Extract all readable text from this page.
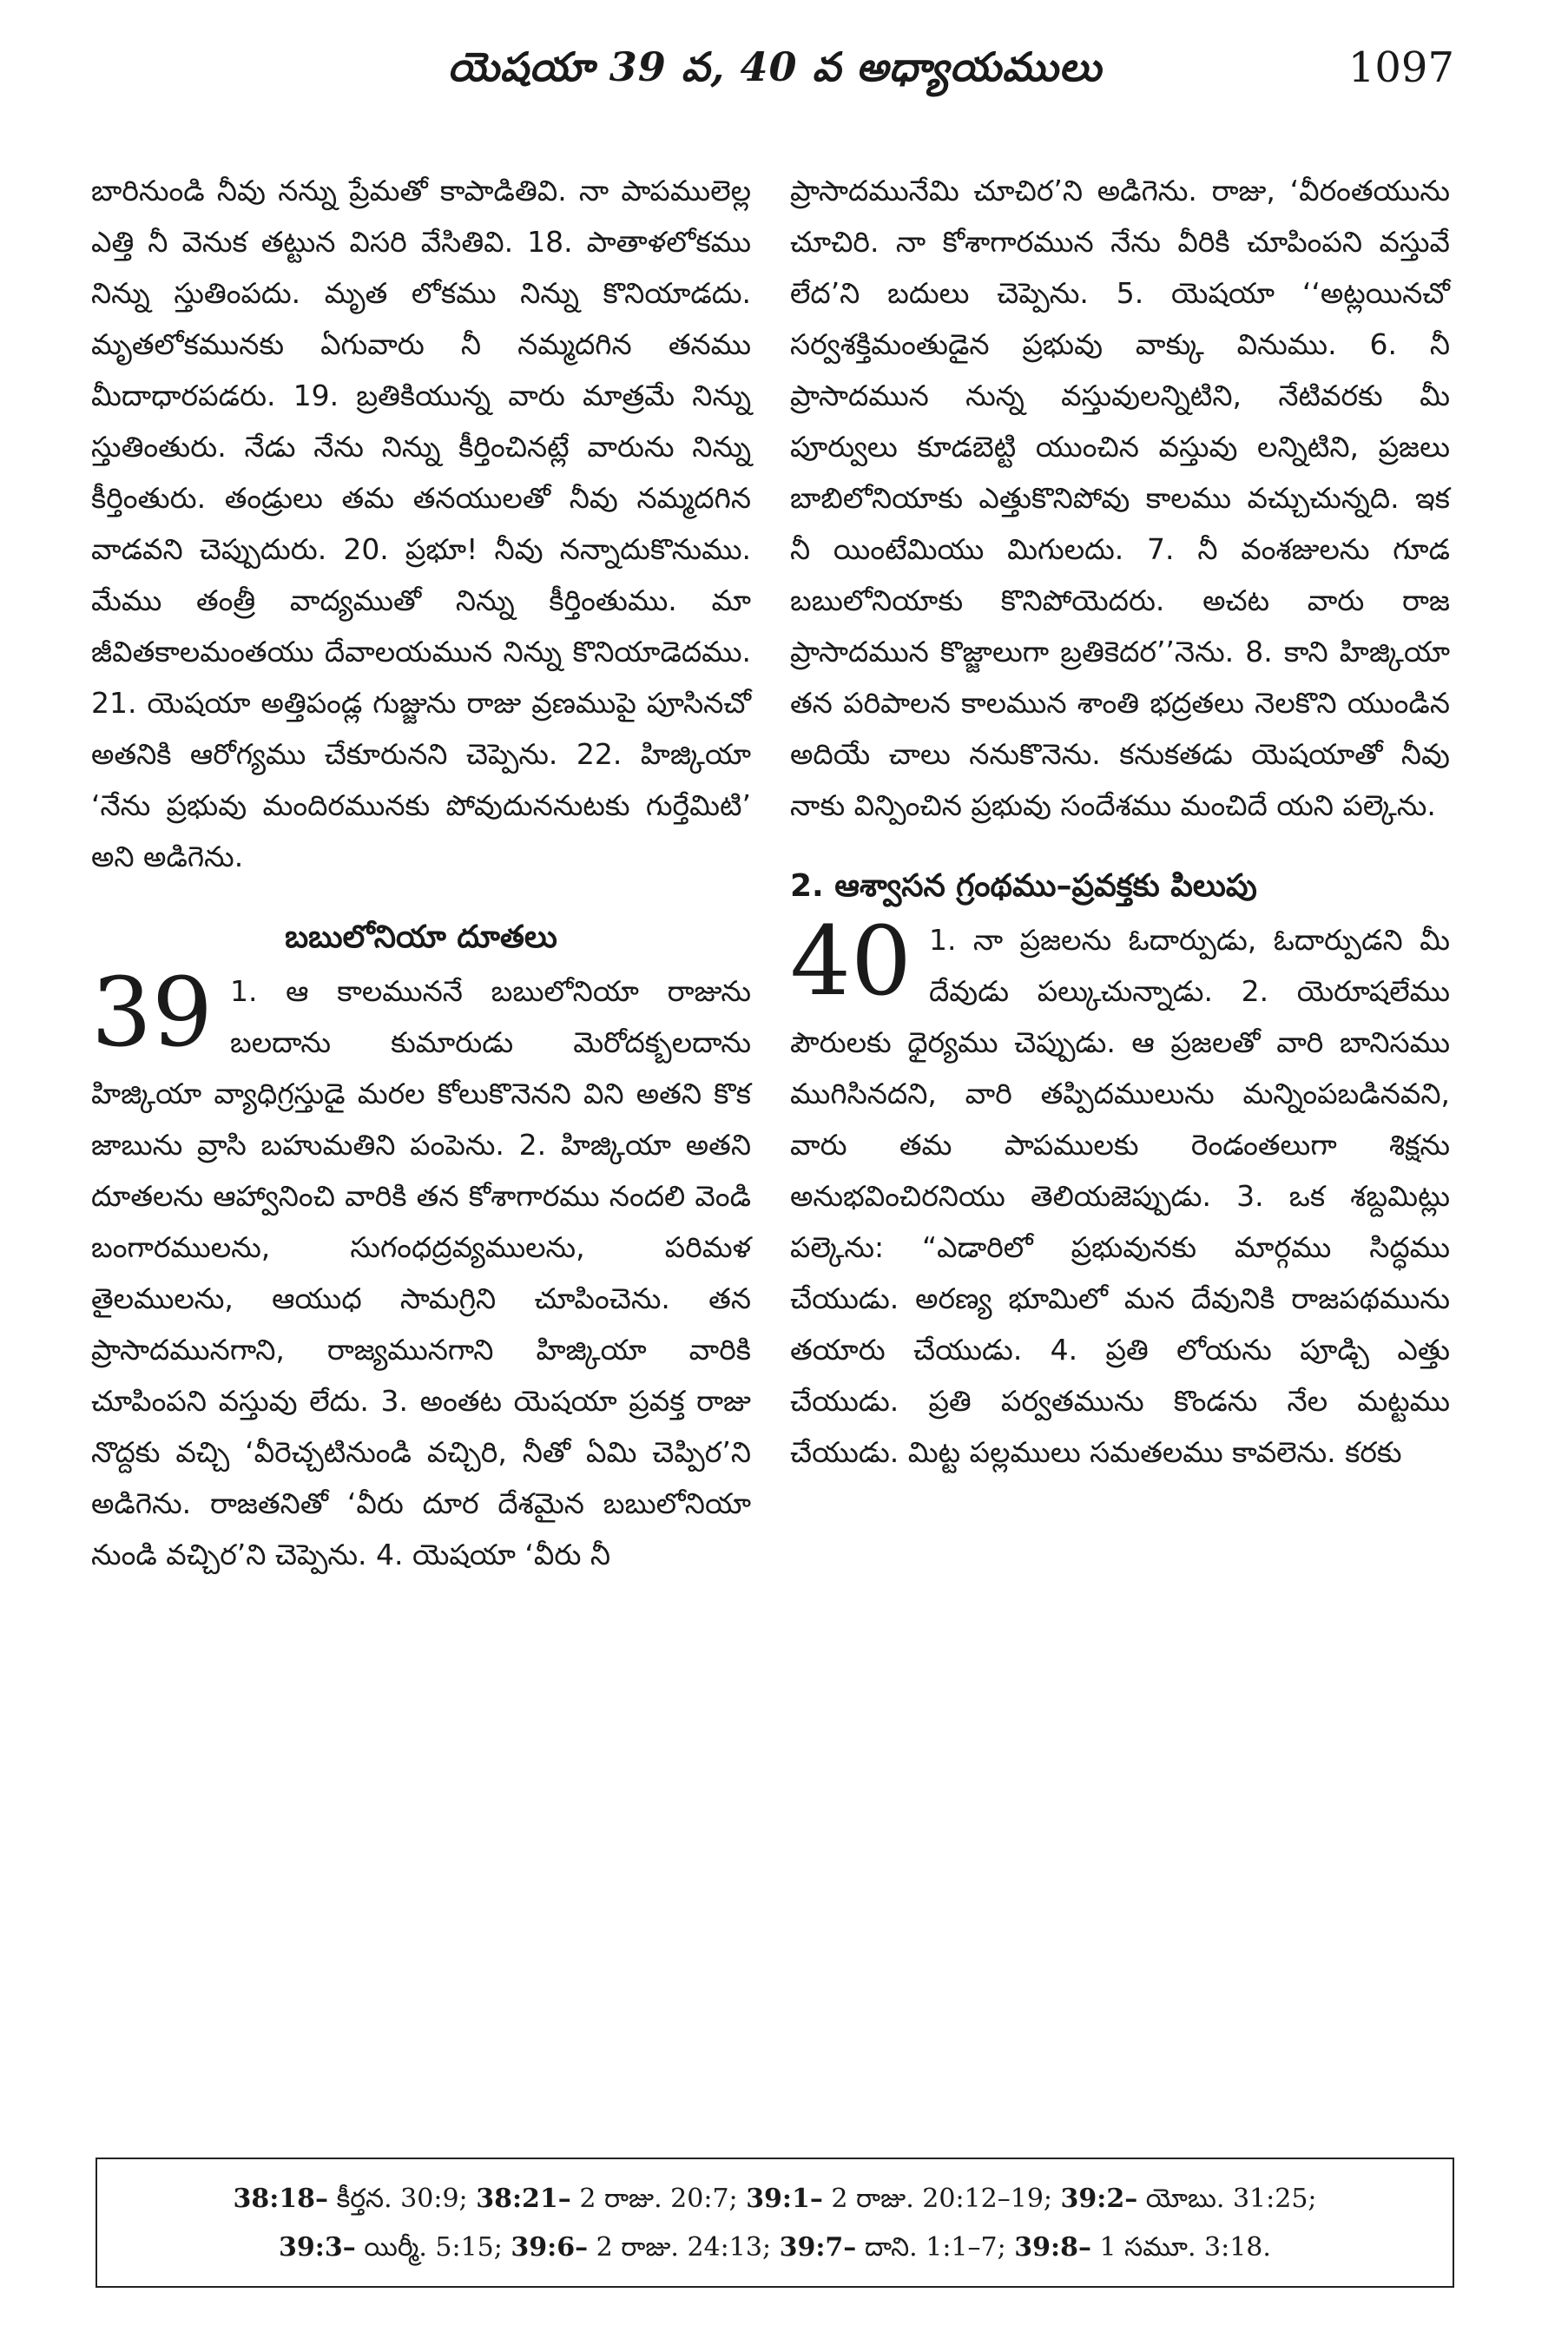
యెషయా 39 వ, 40 వ అధ్యాయములు	1097

బారినుండి నీవు నన్ను ప్రేమతో కాపాడితివి. నా పాపములెల్ల ఎత్తి నీ వెనుక తట్టున విసరి వేసితివి. 18. పాతాళలోకము నిన్ను స్తుతింపదు. మృత లోకము నిన్ను కొనియాడదు. మృతలోకమునకు ఏగువారు నీ నమ్మదగిన తనము మీదాధారపడరు. 19. బ్రతికియున్న వారు మాత్రమే నిన్ను స్తుతింతురు. నేడు నేను నిన్ను కీర్తించినట్లే వారును నిన్ను కీర్తింతురు. తండ్రులు తమ తనయులతో నీవు నమ్మదగిన వాడవని చెప్పుదురు. 20. ప్రభూ! నీవు నన్నాదుకొనుము. మేము తంత్రీ వాద్యముతో నిన్ను కీర్తింతుము. మా జీవితకాలమంతయు దేవాలయమున నిన్ను కొనియాడెదము. 21. యెషయా అత్తిపండ్ల గుజ్జును రాజు వ్రణముపై పూసినచో అతనికి ఆరోగ్యము చేకూరునని చెప్పెను. 22. హిజ్కియా ‘నేను ప్రభువు మందిరమునకు పోవుదుననుటకు గుర్తేమిటి’ అని అడిగెను.

బబులోనియా దూతలు

39 1. ఆ కాలముననే బబులోనియా రాజును బలదాను కుమారుడు మెరోదక్బలదాను హిజ్కియా వ్యాధిగ్రస్తుడై మరల కోలుకొనెనని విని అతని కొక జాబును వ్రాసి బహుమతిని పంపెను. 2. హిజ్కియా అతని దూతలను ఆహ్వానించి వారికి తన కోశాగారము నందలి వెండి బంగారములను, సుగంధద్రవ్యములను, పరిమళ తైలములను, ఆయుధ సామగ్రిని చూపించెను. తన ప్రాసాదమునగాని, రాజ్యమునగాని హిజ్కియా వారికి చూపింపని వస్తువు లేదు. 3. అంతట యెషయా ప్రవక్త రాజు నొద్దకు వచ్చి ‘వీరెచ్చటినుండి వచ్చిరి, నీతో ఏమి చెప్పిర’ని అడిగెను. రాజతనితో ‘వీరు దూర దేశమైన బబులోనియా నుండి వచ్చిర’ని చెప్పెను. 4. యెషయా ‘వీరు నీ

ప్రాసాదమునేమి చూచిర’ని అడిగెను. రాజు, ‘వీరంతయును చూచిరి. నా కోశాగారమున నేను వీరికి చూపింపని వస్తువే లేద’ని బదులు చెప్పెను. 5. యెషయా ‘‘అట్లయినచో సర్వశక్తిమంతుడైన ప్రభువు వాక్కు వినుము. 6. నీ ప్రాసాదమున నున్న వస్తువులన్నిటిని, నేటివరకు మీ పూర్వులు కూడబెట్టి యుంచిన వస్తువు లన్నిటిని, ప్రజలు బాబిలోనియాకు ఎత్తుకొనిపోవు కాలము వచ్చుచున్నది. ఇక నీ యింటేమియు మిగులదు. 7. నీ వంశజులను గూడ బబులోనియాకు కొనిపోయెదరు. అచట వారు రాజ ప్రాసాదమున కొజ్జాలుగా బ్రతికెదర’’నెను. 8. కాని హిజ్కియా తన పరిపాలన కాలమున శాంతి భద్రతలు నెలకొని యుండిన అదియే చాలు ననుకొనెను. కనుకతడు యెషయాతో నీవు నాకు విన్పించిన ప్రభువు సందేశము మంచిదే యని పల్కెను.

2. ఆశ్వాసన గ్రంథము–ప్రవక్తకు పిలుపు

40 1. నా ప్రజలను ఓదార్పుడు, ఓదార్పుడని మీ దేవుడు పల్కుచున్నాడు. 2. యెరూషలేము పౌరులకు ధైర్యము చెప్పుడు. ఆ ప్రజలతో వారి బానిసము ముగిసినదని, వారి తప్పిదములును మన్నింపబడినవని, వారు తమ పాపములకు రెండంతలుగా శిక్షను అనుభవించిరనియు తెలియజెప్పుడు. 3. ఒక శబ్దమిట్లు పల్కెను: “ఎడారిలో ప్రభువునకు మార్గము సిద్ధము చేయుడు. అరణ్య భూమిలో మన దేవునికి రాజపథమును తయారు చేయుడు. 4. ప్రతి లోయను పూడ్చి ఎత్తు చేయుడు. ప్రతి పర్వతమును కొండను నేల మట్టము చేయుడు. మిట్ట పల్లములు సమతలము కావలెను. కరకు

38:18– కీర్తన. 30:9; 38:21– 2 రాజు. 20:7; 39:1– 2 రాజు. 20:12–19; 39:2– యోబు. 31:25;
39:3– యిర్మీ. 5:15; 39:6– 2 రాజు. 24:13; 39:7– దాని. 1:1–7; 39:8– 1 సమూ. 3:18.
